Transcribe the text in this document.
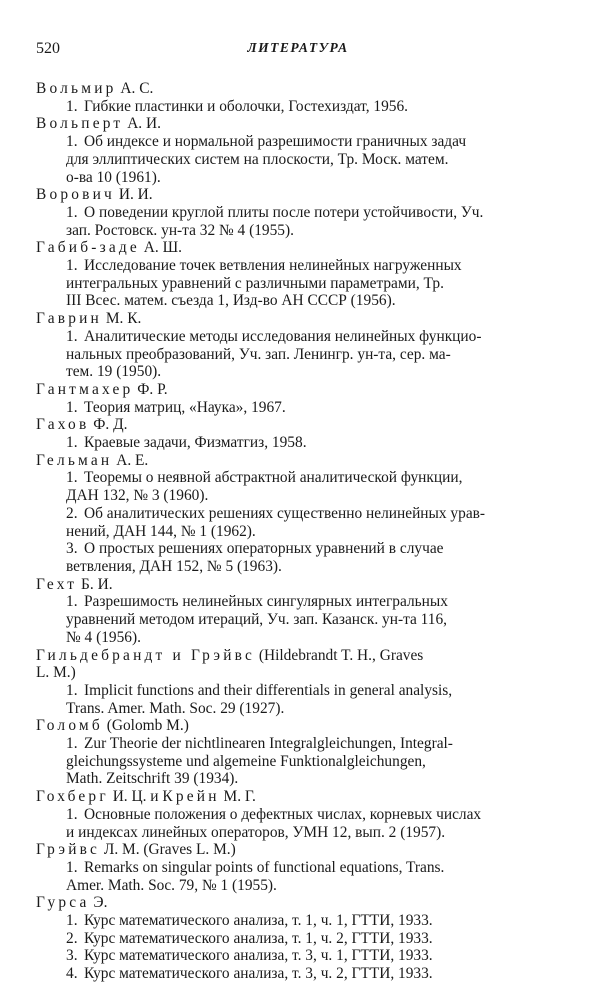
520	ЛИТЕРАТУРА
Вольмир А. С.
1. Гибкие пластинки и оболочки, Гостехиздат, 1956.
Вольперт А. И.
1. Об индексе и нормальной разрешимости граничных задач
для эллиптических систем на плоскости, Тр. Моск. матем.
о-ва 10 (1961).
Ворович И. И.
1. О поведении круглой плиты после потери устойчивости, Уч.
зап. Ростовск. ун-та 32 № 4 (1955).
Габиб-заде А. Ш.
1. Исследование точек ветвления нелинейных нагруженных
интегральных уравнений с различными параметрами, Тр.
III Всес. матем. съезда 1, Изд-во АН СССР (1956).
Гаврин М. К.
1. Аналитические методы исследования нелинейных функцио-
нальных преобразований, Уч. зап. Ленингр. ун-та, сер. ма-
тем. 19 (1950).
Гантмахер Ф. Р.
1. Теория матриц, «Наука», 1967.
Гахов Ф. Д.
1. Краевые задачи, Физматгиз, 1958.
Гельман А. Е.
1. Теоремы о неявной абстрактной аналитической функции,
ДАН 132, № 3 (1960).
2. Об аналитических решениях существенно нелинейных урав-
нений, ДАН 144, № 1 (1962).
3. О простых решениях операторных уравнений в случае
ветвления, ДАН 152, № 5 (1963).
Гехт Б. И.
1. Разрешимость нелинейных сингулярных интегральных
уравнений методом итераций, Уч. зап. Казанск. ун-та 116,
№ 4 (1956).
Гильдебрандт и Грэйвс (Hildebrandt T. H., Graves
L. M.)
1. Implicit functions and their differentials in general analysis,
Trans. Amer. Math. Soc. 29 (1927).
Голомб (Golomb M.)
1. Zur Theorie der nichtlinearen Integralgleichungen, Integral-
gleichungssysteme und algemeine Funktionalgleichungen,
Math. Zeitschrift 39 (1934).
Гохберг И. Ц. и Крейн М. Г.
1. Основные положения о дефектных числах, корневых числах
и индексах линейных операторов, УМН 12, вып. 2 (1957).
Грэйвс Л. М. (Graves L. M.)
1. Remarks on singular points of functional equations, Trans.
Amer. Math. Soc. 79, № 1 (1955).
Гурса Э.
1. Курс математического анализа, т. 1, ч. 1, ГТТИ, 1933.
2. Курс математического анализа, т. 1, ч. 2, ГТТИ, 1933.
3. Курс математического анализа, т. 3, ч. 1, ГТТИ, 1933.
4. Курс математического анализа, т. 3, ч. 2, ГТТИ, 1933.
